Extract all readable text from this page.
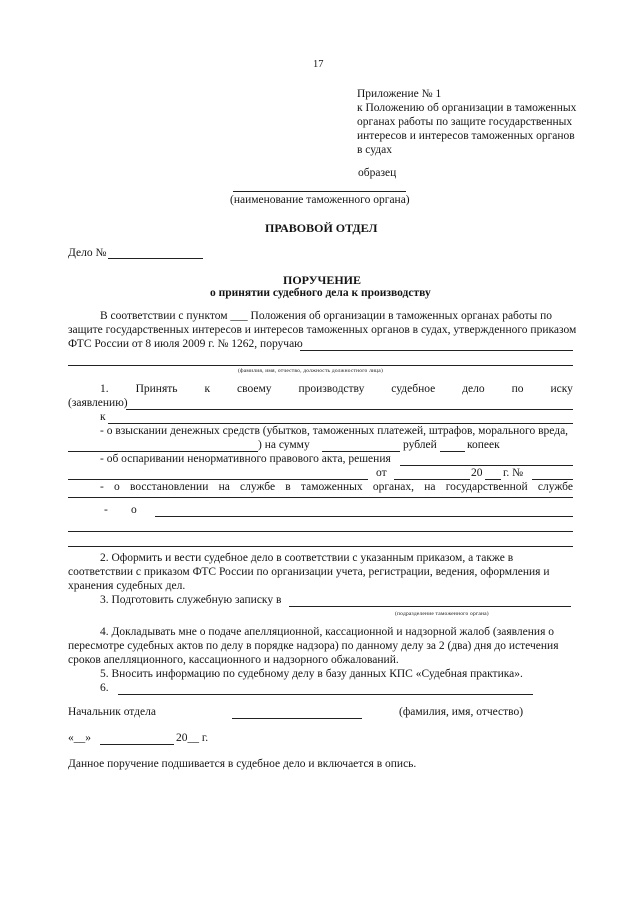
17
Приложение № 1
к Положению об организации в таможенных
органах работы по защите государственных
интересов и интересов таможенных органов
в судах
образец
(наименование таможенного органа)
ПРАВОВОЙ ОТДЕЛ
Дело №
ПОРУЧЕНИЕ
о принятии судебного дела к производству
В соответствии с пунктом ___ Положения об организации в таможенных органах работы по
защите государственных интересов и интересов таможенных органов в судах, утвержденного приказом
ФТС России от 8 июля 2009 г. № 1262, поручаю
(фамилия, имя, отчество, должность должностного лица)
1. Принять к своему производству судебное дело по иску
(заявлению)
к
- о взыскании денежных средств (убытков, таможенных платежей, штрафов, морального вреда,
) на сумму	рублей	копеек
- об оспаривании ненормативного правового акта, решения
от	20 г. №
- о восстановлении на службе в таможенных органах, на государственной службе
- о
2. Оформить и вести судебное дело в соответствии с указанным приказом, а также в
соответствии с приказом ФТС России по организации учета, регистрации, ведения, оформления и
хранения судебных дел.
3. Подготовить служебную записку в
(подразделение таможенного органа)
4. Докладывать мне о подаче апелляционной, кассационной и надзорной жалоб (заявления о
пересмотре судебных актов по делу в порядке надзора) по данному делу за 2 (два) дня до истечения
сроков апелляционного, кассационного и надзорного обжалований.
5. Вносить информацию по судебному делу в базу данных КПС «Судебная практика».
6.
Начальник отдела	(фамилия, имя, отчество)
«__»	20__ г.
Данное поручение подшивается в судебное дело и включается в опись.
